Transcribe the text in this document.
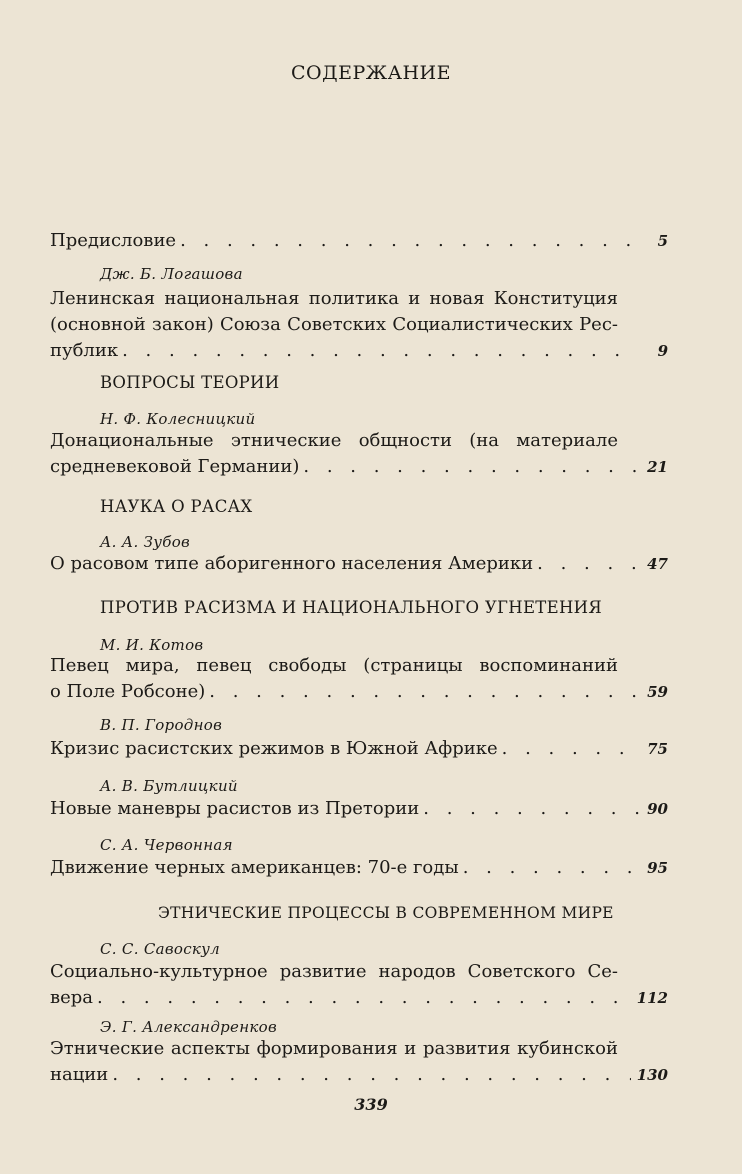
СОДЕРЖАНИЕ
Предисловие . . .	5
Дж. Б. Логашова
Ленинская национальная политика и новая Конституция
(основной закон) Союза Советских Социалистических Рес-
публик . . .	9
ВОПРОСЫ ТЕОРИИ
Н. Ф. Колесницкий
Донациональные этнические общности (на материале
средневековой Германии) . . .	21
НАУКА О РАСАХ
А. А. Зубов
О расовом типе аборигенного населения Америки . . .	47
ПРОТИВ РАСИЗМА И НАЦИОНАЛЬНОГО УГНЕТЕНИЯ
М. И. Котов
Певец мира, певец свободы (страницы воспоминаний
о Поле Робсоне) . . .	59
В. П. Городнов
Кризис расистских режимов в Южной Африке . . .	75
А. В. Бутлицкий
Новые маневры расистов из Претории . . .	90
С. А. Червонная
Движение черных американцев: 70-е годы . . .	95
ЭТНИЧЕСКИЕ ПРОЦЕССЫ В СОВРЕМЕННОМ МИРЕ
С. С. Савоскул
Социально-культурное развитие народов Советского Се-
вера . . .	112
Э. Г. Александренков
Этнические аспекты формирования и развития кубинской
нации . . .	130
339
